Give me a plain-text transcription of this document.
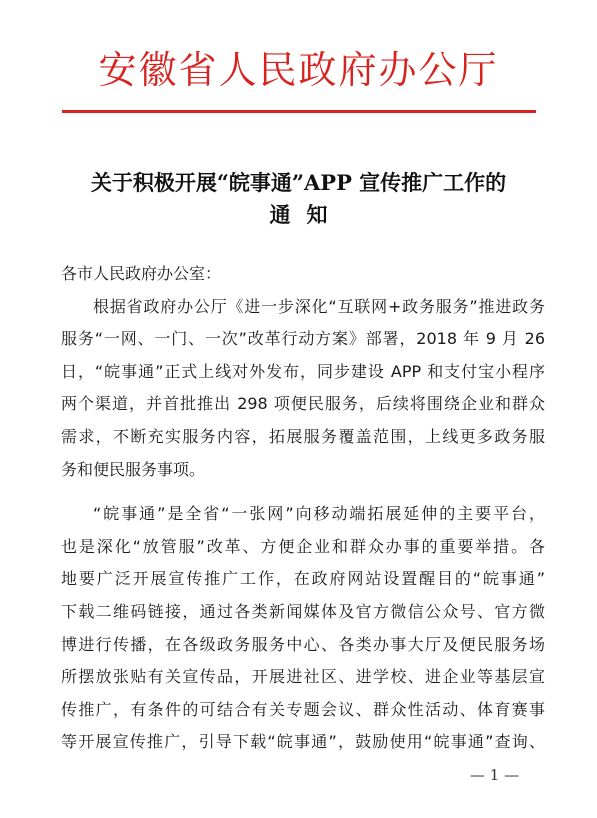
安徽省人民政府办公厅
关于积极开展“皖事通”APP 宣传推广工作的
通知
各市人民政府办公室：
根据省政府办公厅《进一步深化“互联网+政务服务”推进政务
服务“一网、一门、一次”改革行动方案》部署，2018 年 9 月 26
日，“皖事通”正式上线对外发布，同步建设 APP 和支付宝小程序
两个渠道，并首批推出 298 项便民服务，后续将围绕企业和群众
需求，不断充实服务内容，拓展服务覆盖范围，上线更多政务服
务和便民服务事项。
“皖事通”是全省“一张网”向移动端拓展延伸的主要平台，
也是深化“放管服”改革、方便企业和群众办事的重要举措。各
地要广泛开展宣传推广工作，在政府网站设置醒目的“皖事通”
下载二维码链接，通过各类新闻媒体及官方微信公众号、官方微
博进行传播，在各级政务服务中心、各类办事大厅及便民服务场
所摆放张贴有关宣传品，开展进社区、进学校、进企业等基层宣
传推广，有条件的可结合有关专题会议、群众性活动、体育赛事
等开展宣传推广，引导下载“皖事通”，鼓励使用“皖事通”查询、
— 1 —
